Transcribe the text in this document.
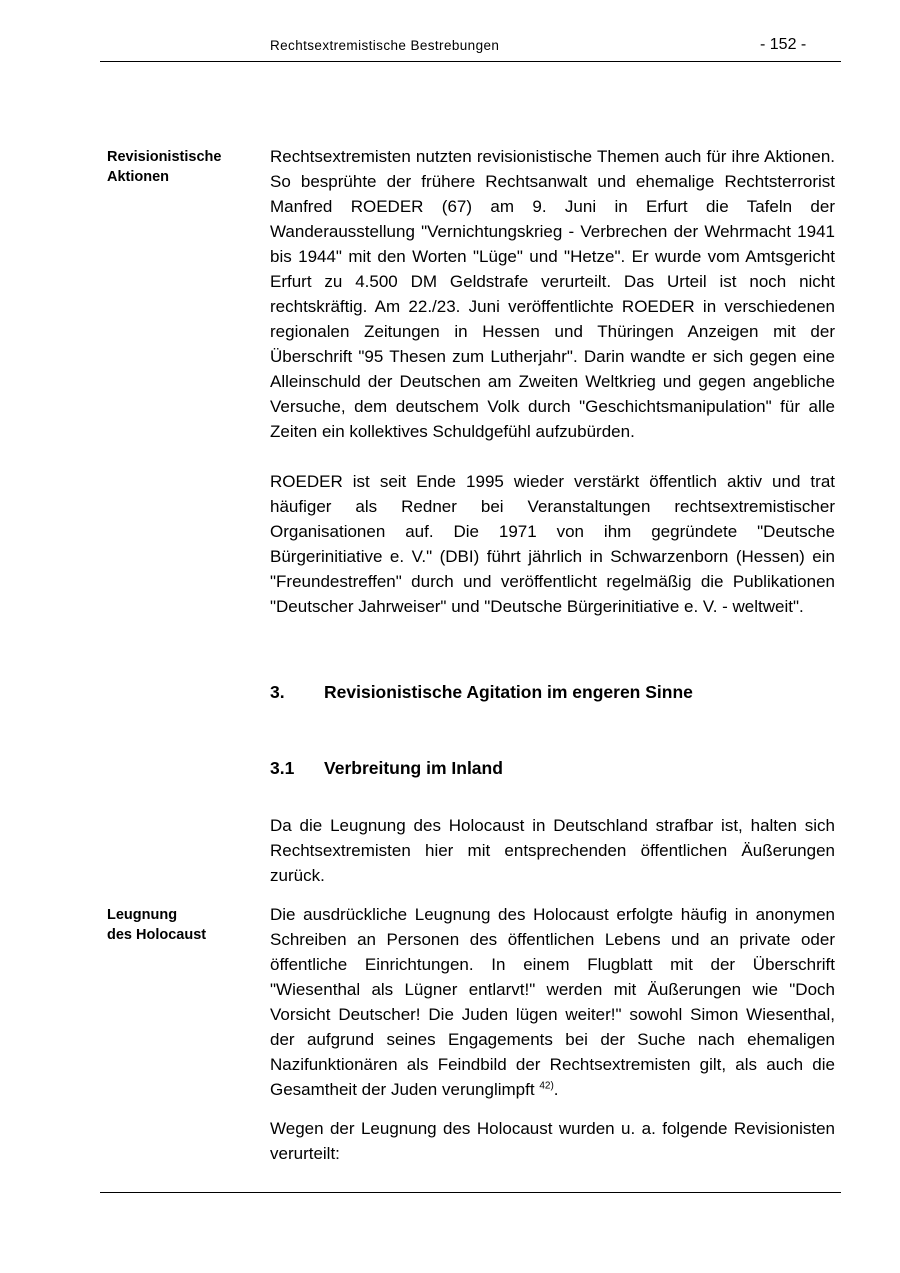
Rechtsextremistische Bestrebungen	- 152 -
Revisionistische
Aktionen

Rechtsextremisten nutzten revisionistische Themen auch für ihre Aktionen. So besprühte der frühere Rechtsanwalt und ehemalige Rechtsterrorist Manfred ROEDER (67) am 9. Juni in Erfurt die Tafeln der Wanderausstellung "Vernichtungskrieg - Verbrechen der Wehrmacht 1941 bis 1944" mit den Worten "Lüge" und "Hetze". Er wurde vom Amtsgericht Erfurt zu 4.500 DM Geldstrafe verurteilt. Das Urteil ist noch nicht rechtskräftig. Am 22./23. Juni veröffentlichte ROEDER in verschiedenen regionalen Zeitungen in Hessen und Thüringen Anzeigen mit der Überschrift "95 Thesen zum Lutherjahr". Darin wandte er sich gegen eine Alleinschuld der Deutschen am Zweiten Weltkrieg und gegen angebliche Versuche, dem deutschem Volk durch "Geschichtsmanipulation" für alle Zeiten ein kollektives Schuldgefühl aufzubürden.

ROEDER ist seit Ende 1995 wieder verstärkt öffentlich aktiv und trat häufiger als Redner bei Veranstaltungen rechtsextremistischer Organisationen auf. Die 1971 von ihm gegründete "Deutsche Bürgerinitiative e. V." (DBI) führt jährlich in Schwarzenborn (Hessen) ein "Freundestreffen" durch und veröffentlicht regelmäßig die Publikationen "Deutscher Jahrweiser" und "Deutsche Bürgerinitiative e. V. - weltweit".

3. Revisionistische Agitation im engeren Sinne
3.1 Verbreitung im Inland

Da die Leugnung des Holocaust in Deutschland strafbar ist, halten sich Rechtsextremisten hier mit entsprechenden öffentlichen Äußerungen zurück.

Leugnung
des Holocaust

Die ausdrückliche Leugnung des Holocaust erfolgte häufig in anonymen Schreiben an Personen des öffentlichen Lebens und an private oder öffentliche Einrichtungen. In einem Flugblatt mit der Überschrift "Wiesenthal als Lügner entlarvt!" werden mit Äußerungen wie "Doch Vorsicht Deutscher! Die Juden lügen weiter!" sowohl Simon Wiesenthal, der aufgrund seines Engagements bei der Suche nach ehemaligen Nazifunktionären als Feindbild der Rechtsextremisten gilt, als auch die Gesamtheit der Juden verunglimpft $^{42)}$.

Wegen der Leugnung des Holocaust wurden u. a. folgende Revisionisten verurteilt:
